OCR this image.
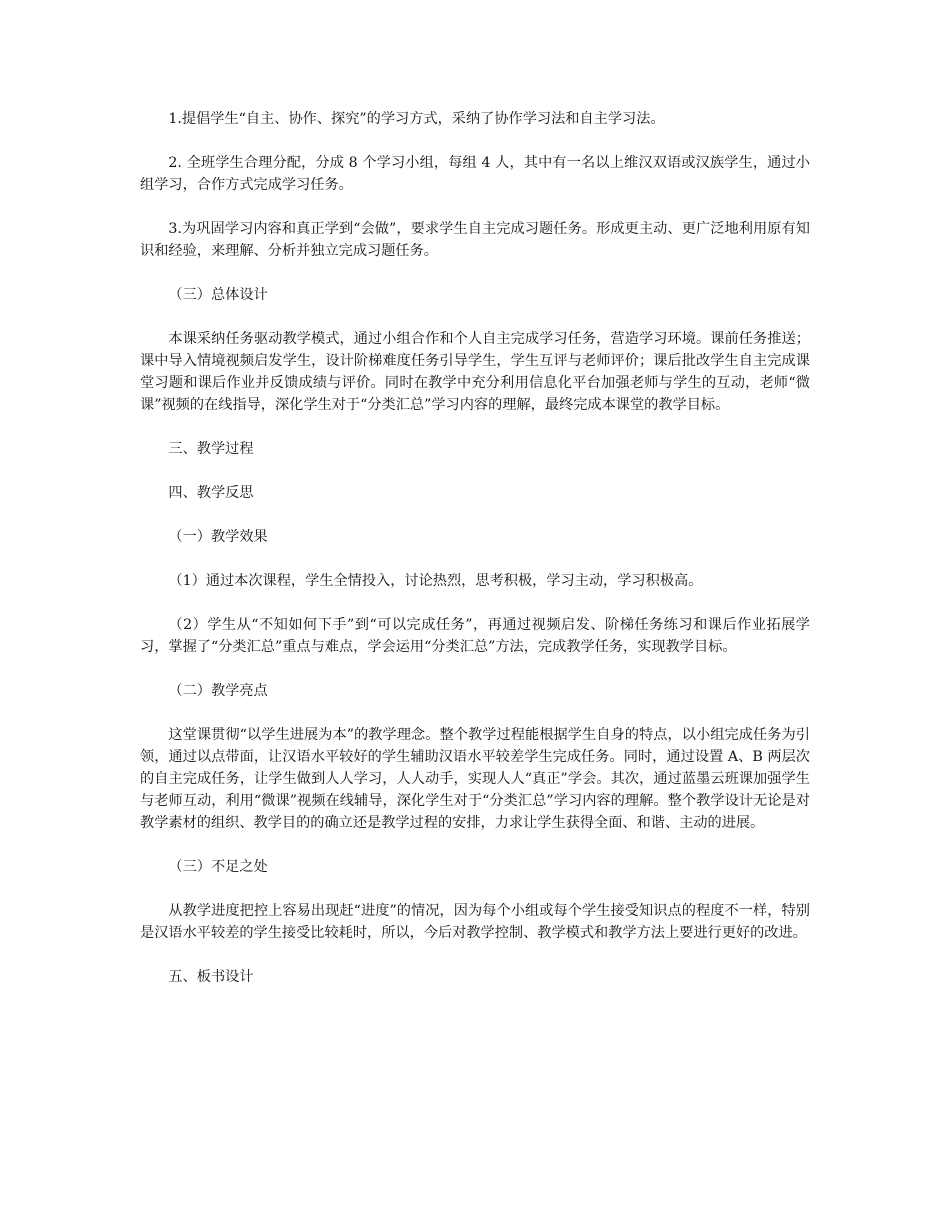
1.提倡学生“自主、协作、探究”的学习方式，采纳了协作学习法和自主学习法。

2. 全班学生合理分配，分成 8 个学习小组，每组 4 人，其中有一名以上维汉双语或汉族学生，通过小组学习，合作方式完成学习任务。

3.为巩固学习内容和真正学到“会做”，要求学生自主完成习题任务。形成更主动、更广泛地利用原有知识和经验，来理解、分析并独立完成习题任务。

（三）总体设计

本课采纳任务驱动教学模式，通过小组合作和个人自主完成学习任务，营造学习环境。课前任务推送；课中导入情境视频启发学生，设计阶梯难度任务引导学生，学生互评与老师评价；课后批改学生自主完成课堂习题和课后作业并反馈成绩与评价。同时在教学中充分利用信息化平台加强老师与学生的互动，老师“微课”视频的在线指导，深化学生对于“分类汇总”学习内容的理解，最终完成本课堂的教学目标。

三、教学过程

四、教学反思

（一）教学效果

（1）通过本次课程，学生全情投入，讨论热烈，思考积极，学习主动，学习积极高。

（2）学生从“不知如何下手”到“可以完成任务”，再通过视频启发、阶梯任务练习和课后作业拓展学习，掌握了“分类汇总”重点与难点，学会运用“分类汇总”方法，完成教学任务，实现教学目标。

（二）教学亮点

这堂课贯彻“以学生进展为本”的教学理念。整个教学过程能根据学生自身的特点，以小组完成任务为引领，通过以点带面，让汉语水平较好的学生辅助汉语水平较差学生完成任务。同时，通过设置 A、B 两层次的自主完成任务，让学生做到人人学习，人人动手，实现人人“真正”学会。其次，通过蓝墨云班课加强学生与老师互动，利用“微课”视频在线辅导，深化学生对于“分类汇总”学习内容的理解。整个教学设计无论是对教学素材的组织、教学目的的确立还是教学过程的安排，力求让学生获得全面、和谐、主动的进展。

（三）不足之处

从教学进度把控上容易出现赶“进度”的情况，因为每个小组或每个学生接受知识点的程度不一样，特别是汉语水平较差的学生接受比较耗时，所以，今后对教学控制、教学模式和教学方法上要进行更好的改进。

五、板书设计
